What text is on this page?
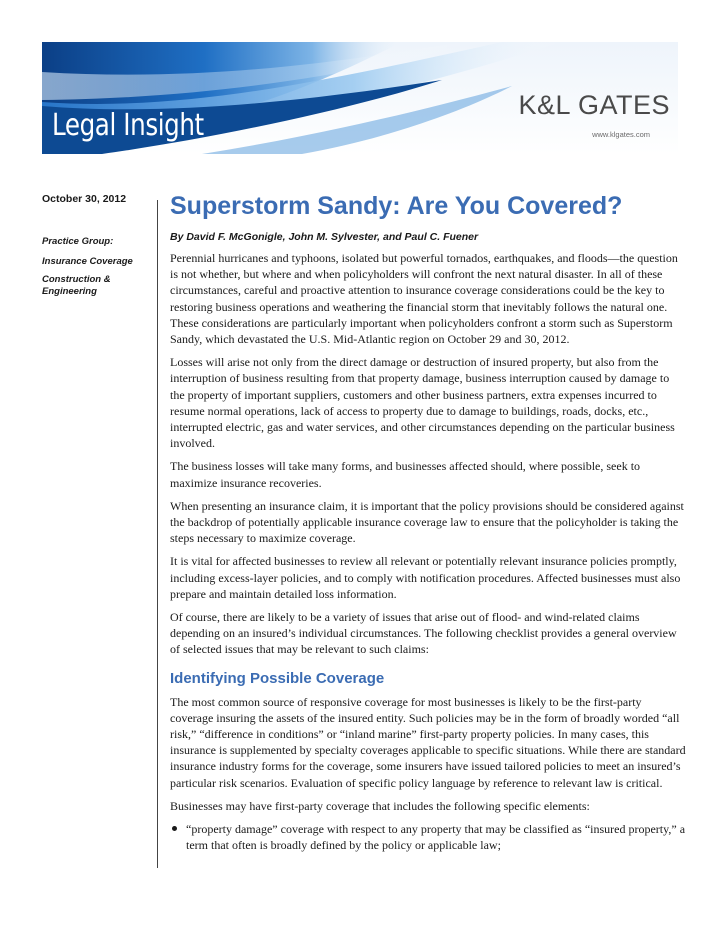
Legal Insight
K&L GATES
www.klgates.com
October 30, 2012
Practice Group:
Insurance Coverage
Construction & Engineering
Superstorm Sandy: Are You Covered?
By David F. McGonigle, John M. Sylvester, and Paul C. Fuener

Perennial hurricanes and typhoons, isolated but powerful tornados, earthquakes, and floods—the question is not whether, but where and when policyholders will confront the next natural disaster. In all of these circumstances, careful and proactive attention to insurance coverage considerations could be the key to restoring business operations and weathering the financial storm that inevitably follows the natural one. These considerations are particularly important when policyholders confront a storm such as Superstorm Sandy, which devastated the U.S. Mid-Atlantic region on October 29 and 30, 2012.

Losses will arise not only from the direct damage or destruction of insured property, but also from the interruption of business resulting from that property damage, business interruption caused by damage to the property of important suppliers, customers and other business partners, extra expenses incurred to resume normal operations, lack of access to property due to damage to buildings, roads, docks, etc., interrupted electric, gas and water services, and other circumstances depending on the particular business involved.

The business losses will take many forms, and businesses affected should, where possible, seek to maximize insurance recoveries.

When presenting an insurance claim, it is important that the policy provisions should be considered against the backdrop of potentially applicable insurance coverage law to ensure that the policyholder is taking the steps necessary to maximize coverage.

It is vital for affected businesses to review all relevant or potentially relevant insurance policies promptly, including excess-layer policies, and to comply with notification procedures. Affected businesses must also prepare and maintain detailed loss information.

Of course, there are likely to be a variety of issues that arise out of flood- and wind-related claims depending on an insured’s individual circumstances. The following checklist provides a general overview of selected issues that may be relevant to such claims:

Identifying Possible Coverage

The most common source of responsive coverage for most businesses is likely to be the first-party coverage insuring the assets of the insured entity. Such policies may be in the form of broadly worded “all risk,” “difference in conditions” or “inland marine” first-party property policies. In many cases, this insurance is supplemented by specialty coverages applicable to specific situations. While there are standard insurance industry forms for the coverage, some insurers have issued tailored policies to meet an insured’s particular risk scenarios. Evaluation of specific policy language by reference to relevant law is critical.

Businesses may have first-party coverage that includes the following specific elements:

“property damage” coverage with respect to any property that may be classified as “insured property,” a term that often is broadly defined by the policy or applicable law;
